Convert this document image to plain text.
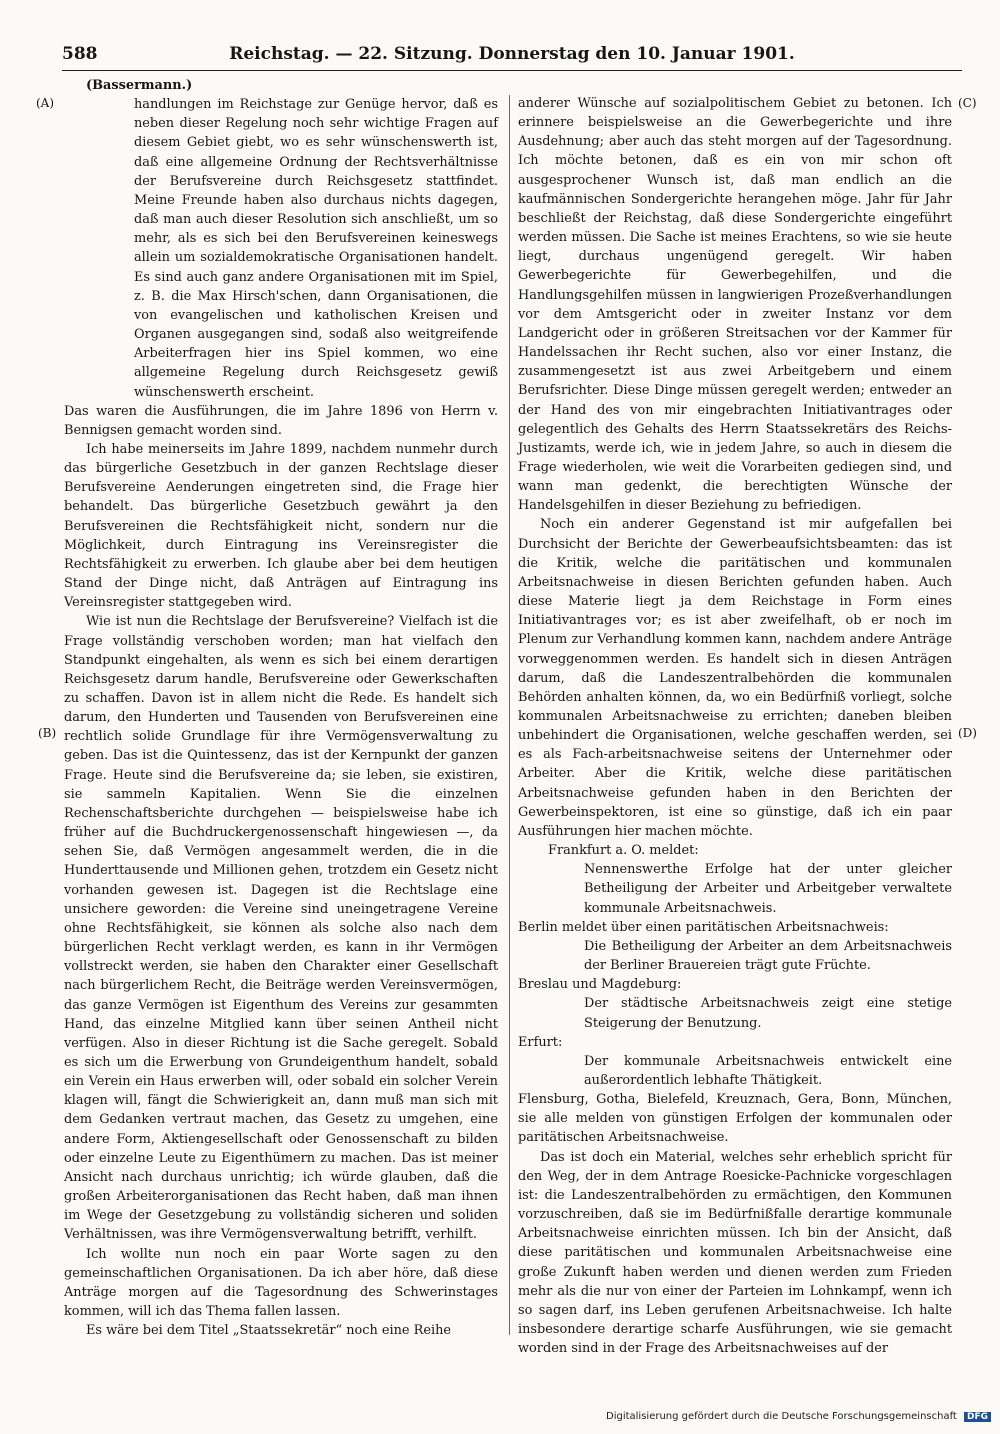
588	Reichstag. — 22. Sitzung. Donnerstag den 10. Januar 1901.
(A)
(B)
(C)
(D)

(Bassermann.)

handlungen im Reichstage zur Genüge hervor, daß es neben dieser Regelung noch sehr wichtige Fragen auf diesem Gebiet giebt, wo es sehr wünschenswerth ist, daß eine allgemeine Ordnung der Rechtsverhältnisse der Berufsvereine durch Reichsgesetz stattfindet. Meine Freunde haben also durchaus nichts dagegen, daß man auch dieser Resolution sich anschließt, um so mehr, als es sich bei den Berufsvereinen keineswegs allein um sozialdemokratische Organisationen handelt. Es sind auch ganz andere Organisationen mit im Spiel, z. B. die Max Hirsch'schen, dann Organisationen, die von evangelischen und katholischen Kreisen und Organen ausgegangen sind, sodaß also weitgreifende Arbeiterfragen hier ins Spiel kommen, wo eine allgemeine Regelung durch Reichsgesetz gewiß wünschenswerth erscheint.

Das waren die Ausführungen, die im Jahre 1896 von Herrn v. Bennigsen gemacht worden sind.

Ich habe meinerseits im Jahre 1899, nachdem nunmehr durch das bürgerliche Gesetzbuch in der ganzen Rechtslage dieser Berufsvereine Aenderungen eingetreten sind, die Frage hier behandelt. Das bürgerliche Gesetzbuch gewährt ja den Berufsvereinen die Rechtsfähigkeit nicht, sondern nur die Möglichkeit, durch Eintragung ins Vereinsregister die Rechtsfähigkeit zu erwerben. Ich glaube aber bei dem heutigen Stand der Dinge nicht, daß Anträgen auf Eintragung ins Vereinsregister stattgegeben wird.

Wie ist nun die Rechtslage der Berufsvereine? Vielfach ist die Frage vollständig verschoben worden; man hat vielfach den Standpunkt eingehalten, als wenn es sich bei einem derartigen Reichsgesetz darum handle, Berufsvereine oder Gewerkschaften zu schaffen. Davon ist in allem nicht die Rede. Es handelt sich darum, den Hunderten und Tausenden von Berufsvereinen eine rechtlich solide Grundlage für ihre Vermögensverwaltung zu geben. Das ist die Quintessenz, das ist der Kernpunkt der ganzen Frage. Heute sind die Berufsvereine da; sie leben, sie existiren, sie sammeln Kapitalien. Wenn Sie die einzelnen Rechenschaftsberichte durchgehen — beispielsweise habe ich früher auf die Buchdruckergenossenschaft hingewiesen —, da sehen Sie, daß Vermögen angesammelt werden, die in die Hunderttausende und Millionen gehen, trotzdem ein Gesetz nicht vorhanden gewesen ist. Dagegen ist die Rechtslage eine unsichere geworden: die Vereine sind uneingetragene Vereine ohne Rechtsfähigkeit, sie können als solche also nach dem bürgerlichen Recht verklagt werden, es kann in ihr Vermögen vollstreckt werden, sie haben den Charakter einer Gesellschaft nach bürgerlichem Recht, die Beiträge werden Vereinsvermögen, das ganze Vermögen ist Eigenthum des Vereins zur gesammten Hand, das einzelne Mitglied kann über seinen Antheil nicht verfügen. Also in dieser Richtung ist die Sache geregelt. Sobald es sich um die Erwerbung von Grundeigenthum handelt, sobald ein Verein ein Haus erwerben will, oder sobald ein solcher Verein klagen will, fängt die Schwierigkeit an, dann muß man sich mit dem Gedanken vertraut machen, das Gesetz zu umgehen, eine andere Form, Aktiengesellschaft oder Genossenschaft zu bilden oder einzelne Leute zu Eigenthümern zu machen. Das ist meiner Ansicht nach durchaus unrichtig; ich würde glauben, daß die großen Arbeiterorganisationen das Recht haben, daß man ihnen im Wege der Gesetzgebung zu vollständig sicheren und soliden Verhältnissen, was ihre Vermögensverwaltung betrifft, verhilft.

Ich wollte nun noch ein paar Worte sagen zu den gemeinschaftlichen Organisationen. Da ich aber höre, daß diese Anträge morgen auf die Tagesordnung des Schwerinstages kommen, will ich das Thema fallen lassen.

Es wäre bei dem Titel „Staatssekretär“ noch eine Reihe

anderer Wünsche auf sozialpolitischem Gebiet zu betonen. Ich erinnere beispielsweise an die Gewerbegerichte und ihre Ausdehnung; aber auch das steht morgen auf der Tagesordnung. Ich möchte betonen, daß es ein von mir schon oft ausgesprochener Wunsch ist, daß man endlich an die kaufmännischen Sondergerichte herangehen möge. Jahr für Jahr beschließt der Reichstag, daß diese Sondergerichte eingeführt werden müssen. Die Sache ist meines Erachtens, so wie sie heute liegt, durchaus ungenügend geregelt. Wir haben Gewerbegerichte für Gewerbegehilfen, und die Handlungsgehilfen müssen in langwierigen Prozeßverhandlungen vor dem Amtsgericht oder in zweiter Instanz vor dem Landgericht oder in größeren Streitsachen vor der Kammer für Handelssachen ihr Recht suchen, also vor einer Instanz, die zusammengesetzt ist aus zwei Arbeitgebern und einem Berufsrichter. Diese Dinge müssen geregelt werden; entweder an der Hand des von mir eingebrachten Initiativantrages oder gelegentlich des Gehalts des Herrn Staatssekretärs des Reichs-Justizamts, werde ich, wie in jedem Jahre, so auch in diesem die Frage wiederholen, wie weit die Vorarbeiten gediegen sind, und wann man gedenkt, die berechtigten Wünsche der Handelsgehilfen in dieser Beziehung zu befriedigen.

Noch ein anderer Gegenstand ist mir aufgefallen bei Durchsicht der Berichte der Gewerbeaufsichtsbeamten: das ist die Kritik, welche die paritätischen und kommunalen Arbeitsnachweise in diesen Berichten gefunden haben. Auch diese Materie liegt ja dem Reichstage in Form eines Initiativantrages vor; es ist aber zweifelhaft, ob er noch im Plenum zur Verhandlung kommen kann, nachdem andere Anträge vorweggenommen werden. Es handelt sich in diesen Anträgen darum, daß die Landeszentralbehörden die kommunalen Behörden anhalten können, da, wo ein Bedürfniß vorliegt, solche kommunalen Arbeitsnachweise zu errichten; daneben bleiben unbehindert die Organisationen, welche geschaffen werden, sei es als Fach-arbeitsnachweise seitens der Unternehmer oder Arbeiter. Aber die Kritik, welche diese paritätischen Arbeitsnachweise gefunden haben in den Berichten der Gewerbeinspektoren, ist eine so günstige, daß ich ein paar Ausführungen hier machen möchte.

Frankfurt a. O. meldet:

Nennenswerthe Erfolge hat der unter gleicher Betheiligung der Arbeiter und Arbeitgeber verwaltete kommunale Arbeitsnachweis.

Berlin meldet über einen paritätischen Arbeitsnachweis:

Die Betheiligung der Arbeiter an dem Arbeitsnachweis der Berliner Brauereien trägt gute Früchte.

Breslau und Magdeburg:

Der städtische Arbeitsnachweis zeigt eine stetige Steigerung der Benutzung.

Erfurt:

Der kommunale Arbeitsnachweis entwickelt eine außerordentlich lebhafte Thätigkeit.

Flensburg, Gotha, Bielefeld, Kreuznach, Gera, Bonn, München, sie alle melden von günstigen Erfolgen der kommunalen oder paritätischen Arbeitsnachweise.

Das ist doch ein Material, welches sehr erheblich spricht für den Weg, der in dem Antrage Roesicke-Pachnicke vorgeschlagen ist: die Landeszentralbehörden zu ermächtigen, den Kommunen vorzuschreiben, daß sie im Bedürfnißfalle derartige kommunale Arbeitsnachweise einrichten müssen. Ich bin der Ansicht, daß diese paritätischen und kommunalen Arbeitsnachweise eine große Zukunft haben werden und dienen werden zum Frieden mehr als die nur von einer der Parteien im Lohnkampf, wenn ich so sagen darf, ins Leben gerufenen Arbeitsnachweise. Ich halte insbesondere derartige scharfe Ausführungen, wie sie gemacht worden sind in der Frage des Arbeitsnachweises auf der

Digitalisierung gefördert durch die Deutsche Forschungsgemeinschaft DFG
